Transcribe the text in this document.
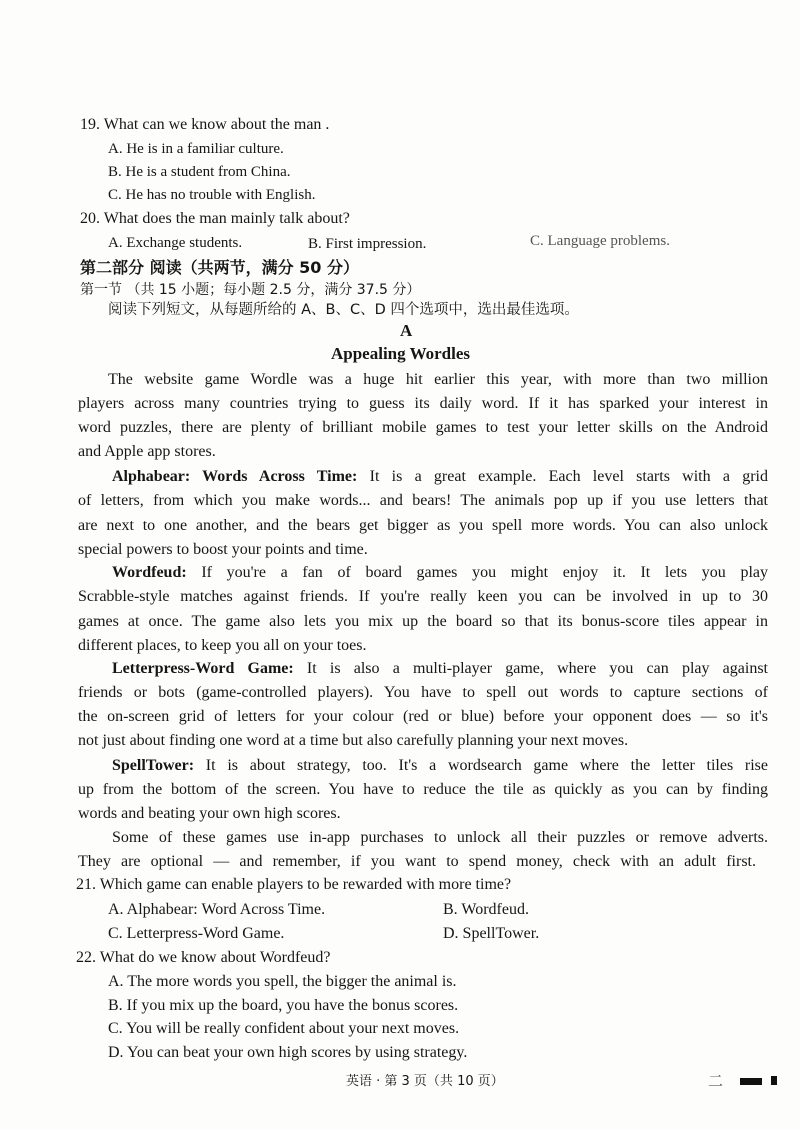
19. What can we know about the man .
A. He is in a familiar culture.
B. He is a student from China.
C. He has no trouble with English.
20. What does the man mainly talk about?
A. Exchange students.	B. First impression.	C. Language problems.
第二部分 阅读（共两节，满分 50 分）
第一节 （共 15 小题；每小题 2.5 分，满分 37.5 分）
阅读下列短文，从每题所给的 A、B、C、D 四个选项中，选出最佳选项。
A
Appealing Wordles
The website game Wordle was a huge hit earlier this year, with more than two million
players across many countries trying to guess its daily word. If it has sparked your interest in
word puzzles, there are plenty of brilliant mobile games to test your letter skills on the Android
and Apple app stores.
Alphabear: Words Across Time: It is a great example. Each level starts with a grid
of letters, from which you make words... and bears! The animals pop up if you use letters that
are next to one another, and the bears get bigger as you spell more words. You can also unlock
special powers to boost your points and time.
Wordfeud: If you're a fan of board games you might enjoy it. It lets you play
Scrabble-style matches against friends. If you're really keen you can be involved in up to 30
games at once. The game also lets you mix up the board so that its bonus-score tiles appear in
different places, to keep you all on your toes.
Letterpress-Word Game: It is also a multi-player game, where you can play against
friends or bots (game-controlled players). You have to spell out words to capture sections of
the on-screen grid of letters for your colour (red or blue) before your opponent does — so it's
not just about finding one word at a time but also carefully planning your next moves.
SpellTower: It is about strategy, too. It's a wordsearch game where the letter tiles rise
up from the bottom of the screen. You have to reduce the tile as quickly as you can by finding
words and beating your own high scores.
Some of these games use in-app purchases to unlock all their puzzles or remove adverts.
They are optional — and remember, if you want to spend money, check with an adult first.
21. Which game can enable players to be rewarded with more time?
A. Alphabear: Word Across Time.	B. Wordfeud.
C. Letterpress-Word Game.	D. SpellTower.
22. What do we know about Wordfeud?
A. The more words you spell, the bigger the animal is.
B. If you mix up the board, you have the bonus scores.
C. You will be really confident about your next moves.
D. You can beat your own high scores by using strategy.
英语 · 第 3 页（共 10 页）	二
